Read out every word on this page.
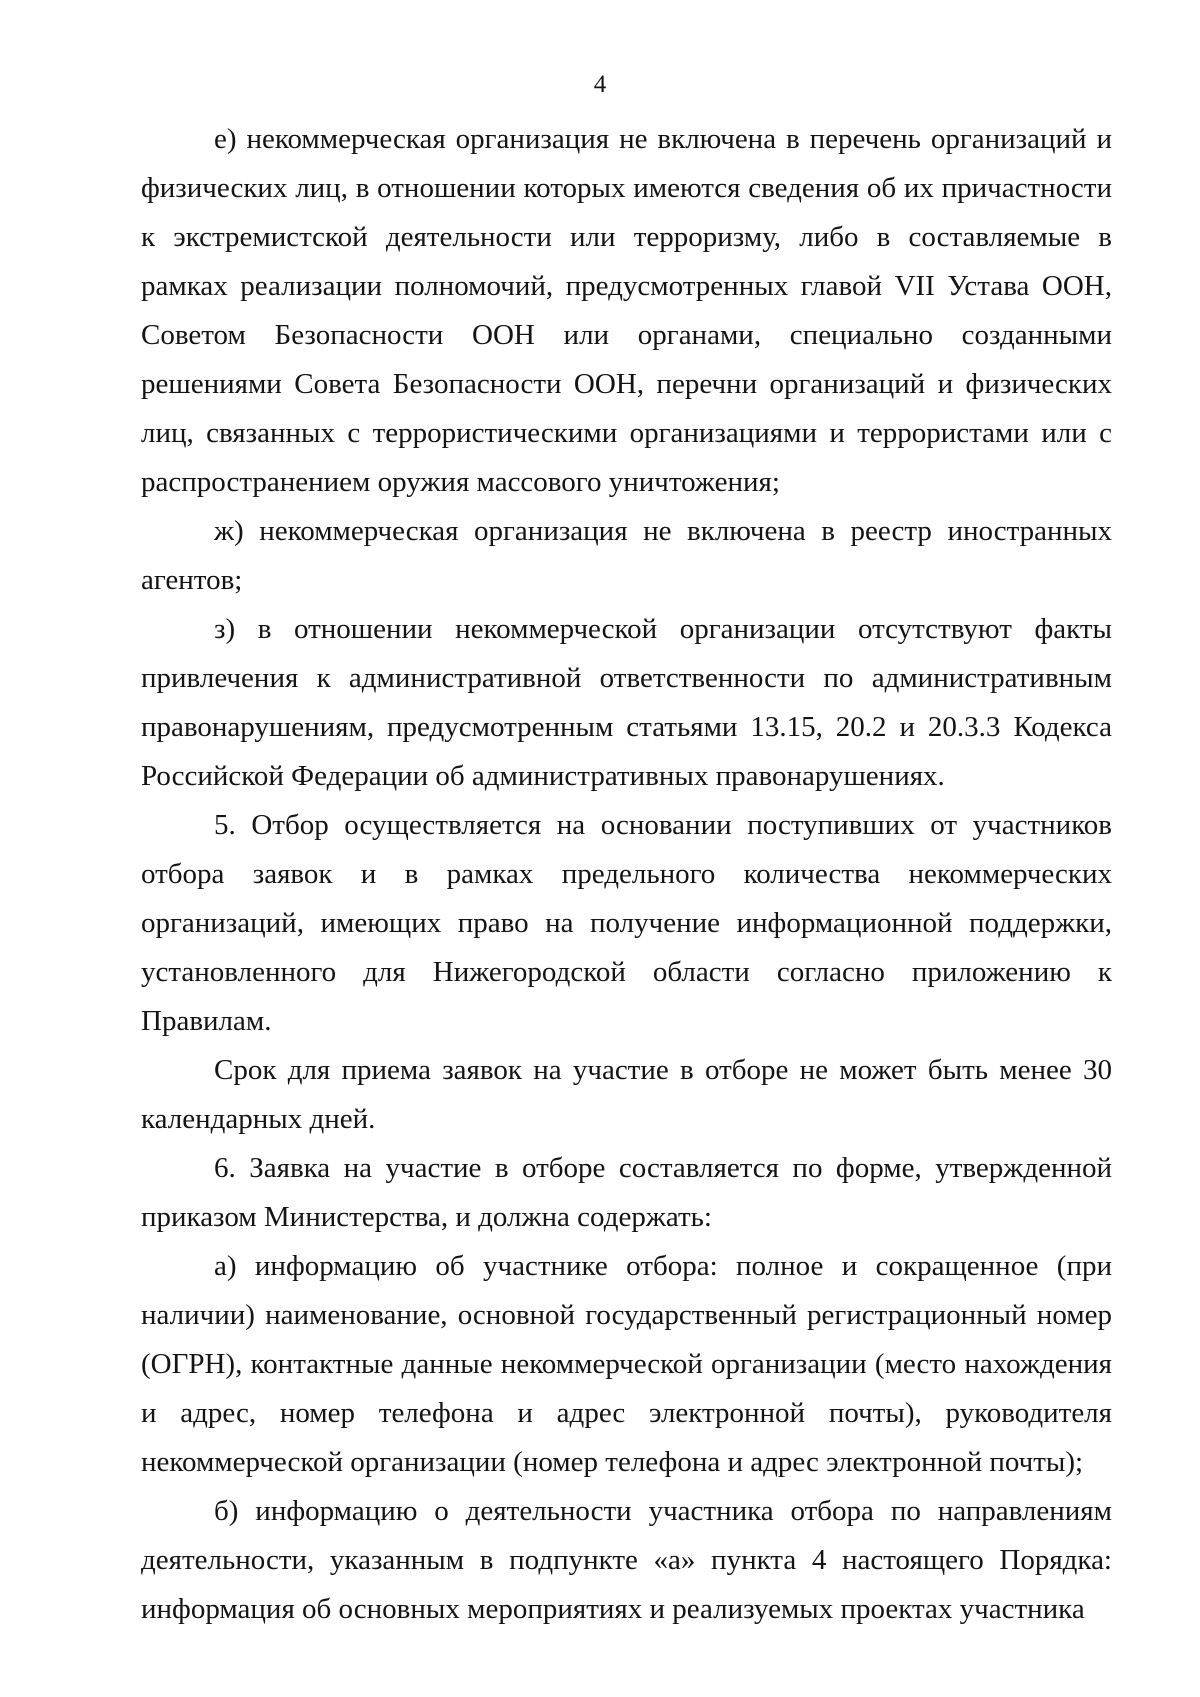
4

е) некоммерческая организация не включена в перечень организаций и физических лиц, в отношении которых имеются сведения об их причастности к экстремистской деятельности или терроризму, либо в составляемые в рамках реализации полномочий, предусмотренных главой VII Устава ООН, Советом Безопасности ООН или органами, специально созданными решениями Совета Безопасности ООН, перечни организаций и физических лиц, связанных с террористическими организациями и террористами или с распространением оружия массового уничтожения;

ж) некоммерческая организация не включена в реестр иностранных агентов;

з) в отношении некоммерческой организации отсутствуют факты привлечения к административной ответственности по административным правонарушениям, предусмотренным статьями 13.15, 20.2 и 20.3.3 Кодекса Российской Федерации об административных правонарушениях.

5. Отбор осуществляется на основании поступивших от участников отбора заявок и в рамках предельного количества некоммерческих организаций, имеющих право на получение информационной поддержки, установленного для Нижегородской области согласно приложению к Правилам.

Срок для приема заявок на участие в отборе не может быть менее 30 календарных дней.

6. Заявка на участие в отборе составляется по форме, утвержденной приказом Министерства, и должна содержать:

а) информацию об участнике отбора: полное и сокращенное (при наличии) наименование, основной государственный регистрационный номер (ОГРН), контактные данные некоммерческой организации (место нахождения и адрес, номер телефона и адрес электронной почты), руководителя некоммерческой организации (номер телефона и адрес электронной почты);

б) информацию о деятельности участника отбора по направлениям деятельности, указанным в подпункте «а» пункта 4 настоящего Порядка: информация об основных мероприятиях и реализуемых проектах участника
